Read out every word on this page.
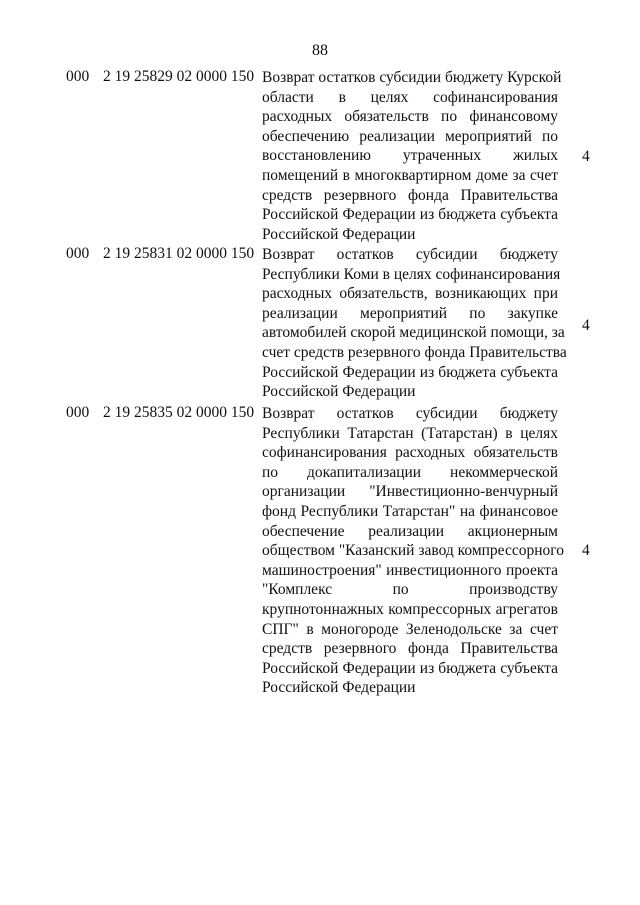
88
000 2 19 25829 02 0000 150 Возврат остатков субсидии бюджету Курской
области в целях софинансирования
расходных обязательств по финансовому
обеспечению реализации мероприятий по
восстановлению утраченных жилых
помещений в многоквартирном доме за счет
средств резервного фонда Правительства
Российской Федерации из бюджета субъекта
Российской Федерации
4
000 2 19 25831 02 0000 150 Возврат остатков субсидии бюджету
Республики Коми в целях софинансирования
расходных обязательств, возникающих при
реализации мероприятий по закупке
автомобилей скорой медицинской помощи, за
счет средств резервного фонда Правительства
Российской Федерации из бюджета субъекта
Российской Федерации
4
000 2 19 25835 02 0000 150 Возврат остатков субсидии бюджету
Республики Татарстан (Татарстан) в целях
софинансирования расходных обязательств
по докапитализации некоммерческой
организации "Инвестиционно-венчурный
фонд Республики Татарстан" на финансовое
обеспечение реализации акционерным
обществом "Казанский завод компрессорного
машиностроения" инвестиционного проекта
"Комплекс по производству
крупнотоннажных компрессорных агрегатов
СПГ" в моногороде Зеленодольске за счет
средств резервного фонда Правительства
Российской Федерации из бюджета субъекта
Российской Федерации
4
